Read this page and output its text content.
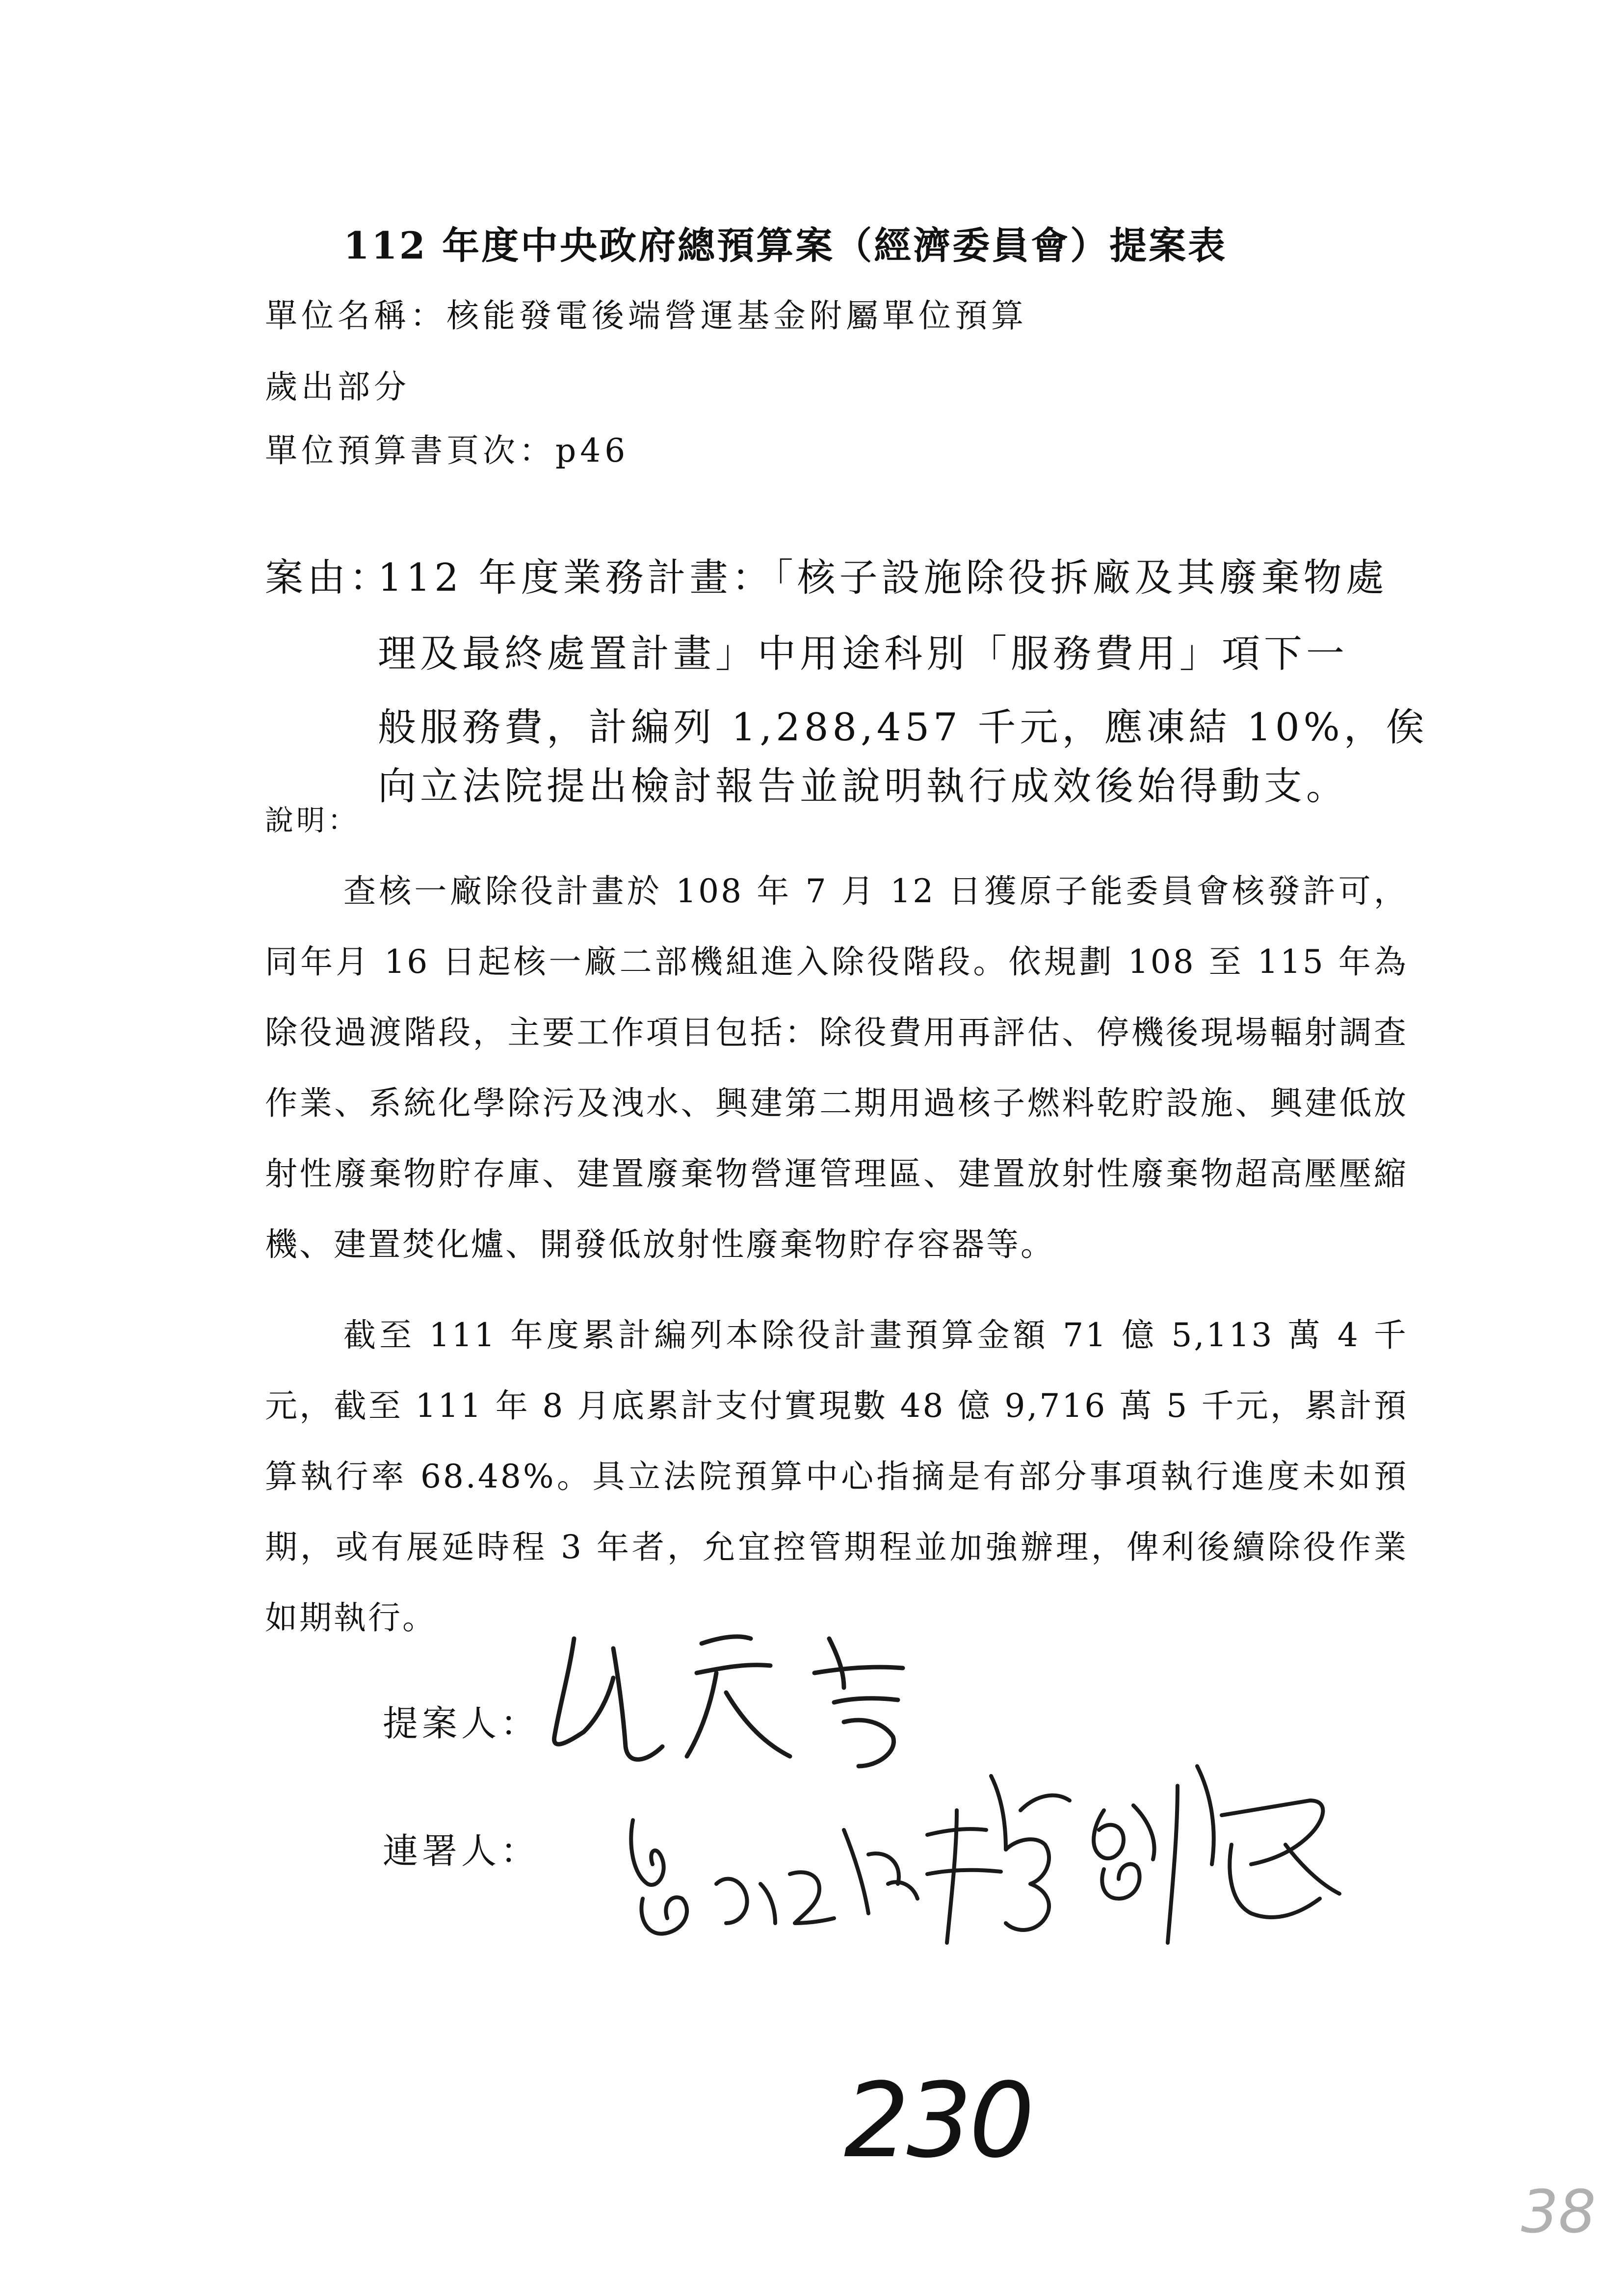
112 年度中央政府總預算案（經濟委員會）提案表
單位名稱：核能發電後端營運基金附屬單位預算
歲出部分
單位預算書頁次：p46
案由：
112 年度業務計畫：「核子設施除役拆廠及其廢棄物處
理及最終處置計畫」中用途科別「服務費用」項下一
般服務費，計編列 1,288,457 千元，應凍結 10%，俟
向立法院提出檢討報告並說明執行成效後始得動支。
說明：

查核一廠除役計畫於 108 年 7 月 12 日獲原子能委員會核發許可，同年月 16 日起核一廠二部機組進入除役階段。依規劃 108 至 115 年為除役過渡階段，主要工作項目包括：除役費用再評估、停機後現場輻射調查作業、系統化學除污及洩水、興建第二期用過核子燃料乾貯設施、興建低放射性廢棄物貯存庫、建置廢棄物營運管理區、建置放射性廢棄物超高壓壓縮機、建置焚化爐、開發低放射性廢棄物貯存容器等。

截至 111 年度累計編列本除役計畫預算金額 71 億 5,113 萬 4 千元，截至 111 年 8 月底累計支付實現數 48 億 9,716 萬 5 千元，累計預算執行率 68.48%。具立法院預算中心指摘是有部分事項執行進度未如預期，或有展延時程 3 年者，允宜控管期程並加強辦理，俾利後續除役作業如期執行。

提案人：
連署人：
230
38
